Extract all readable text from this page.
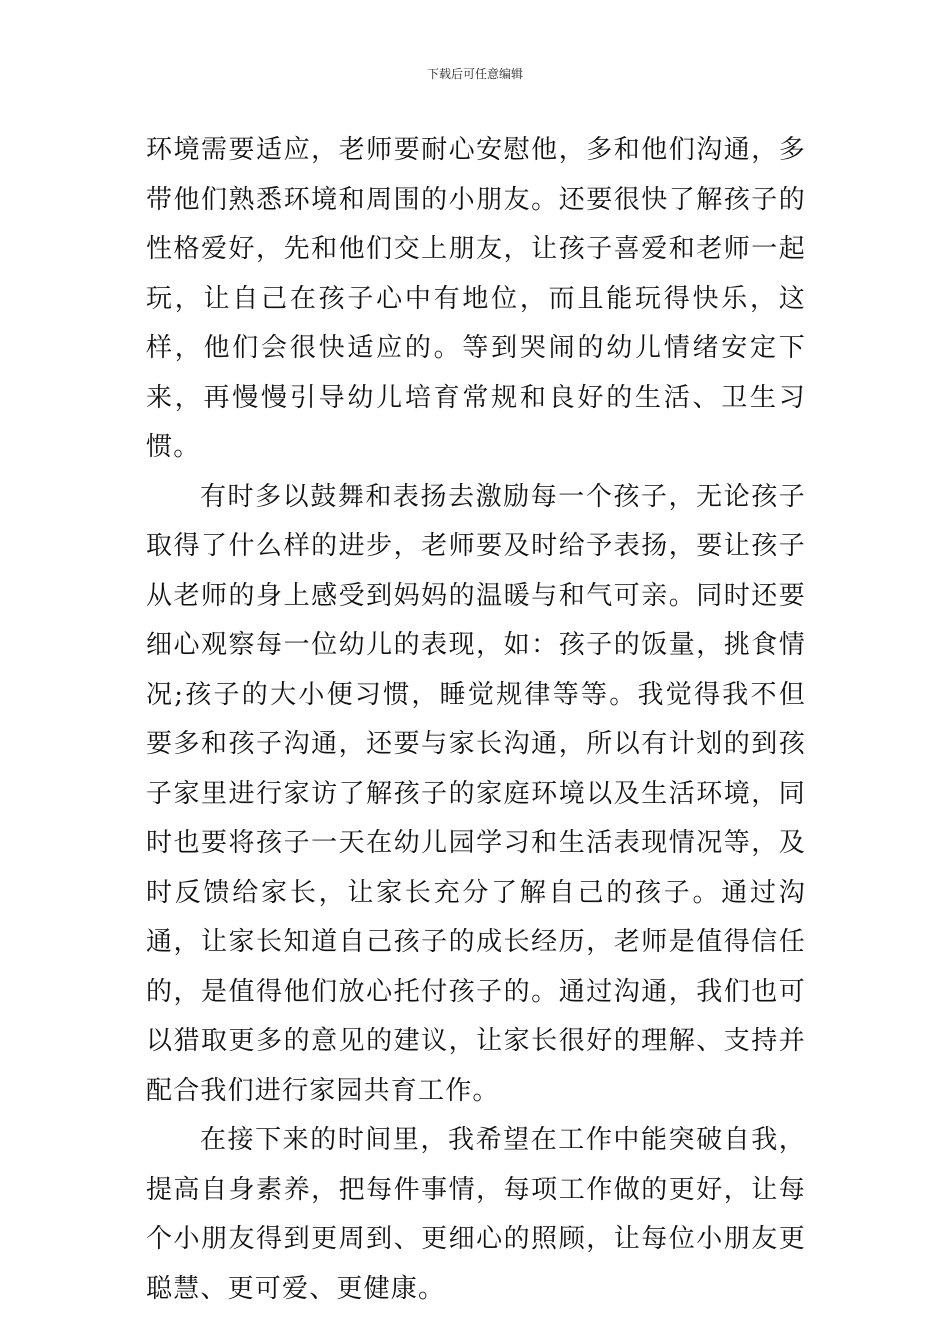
下载后可任意编辑

环境需要适应，老师要耐心安慰他，多和他们沟通，多带他们熟悉环境和周围的小朋友。还要很快了解孩子的性格爱好，先和他们交上朋友，让孩子喜爱和老师一起玩，让自己在孩子心中有地位，而且能玩得快乐，这样，他们会很快适应的。等到哭闹的幼儿情绪安定下来，再慢慢引导幼儿培育常规和良好的生活、卫生习惯。

有时多以鼓舞和表扬去激励每一个孩子，无论孩子取得了什么样的进步，老师要及时给予表扬，要让孩子从老师的身上感受到妈妈的温暖与和气可亲。同时还要细心观察每一位幼儿的表现，如：孩子的饭量，挑食情况;孩子的大小便习惯，睡觉规律等等。我觉得我不但要多和孩子沟通，还要与家长沟通，所以有计划的到孩子家里进行家访了解孩子的家庭环境以及生活环境，同时也要将孩子一天在幼儿园学习和生活表现情况等，及时反馈给家长，让家长充分了解自己的孩子。通过沟通，让家长知道自己孩子的成长经历，老师是值得信任的，是值得他们放心托付孩子的。通过沟通，我们也可以猎取更多的意见的建议，让家长很好的理解、支持并配合我们进行家园共育工作。

在接下来的时间里，我希望在工作中能突破自我，提高自身素养，把每件事情，每项工作做的更好，让每个小朋友得到更周到、更细心的照顾，让每位小朋友更聪慧、更可爱、更健康。
